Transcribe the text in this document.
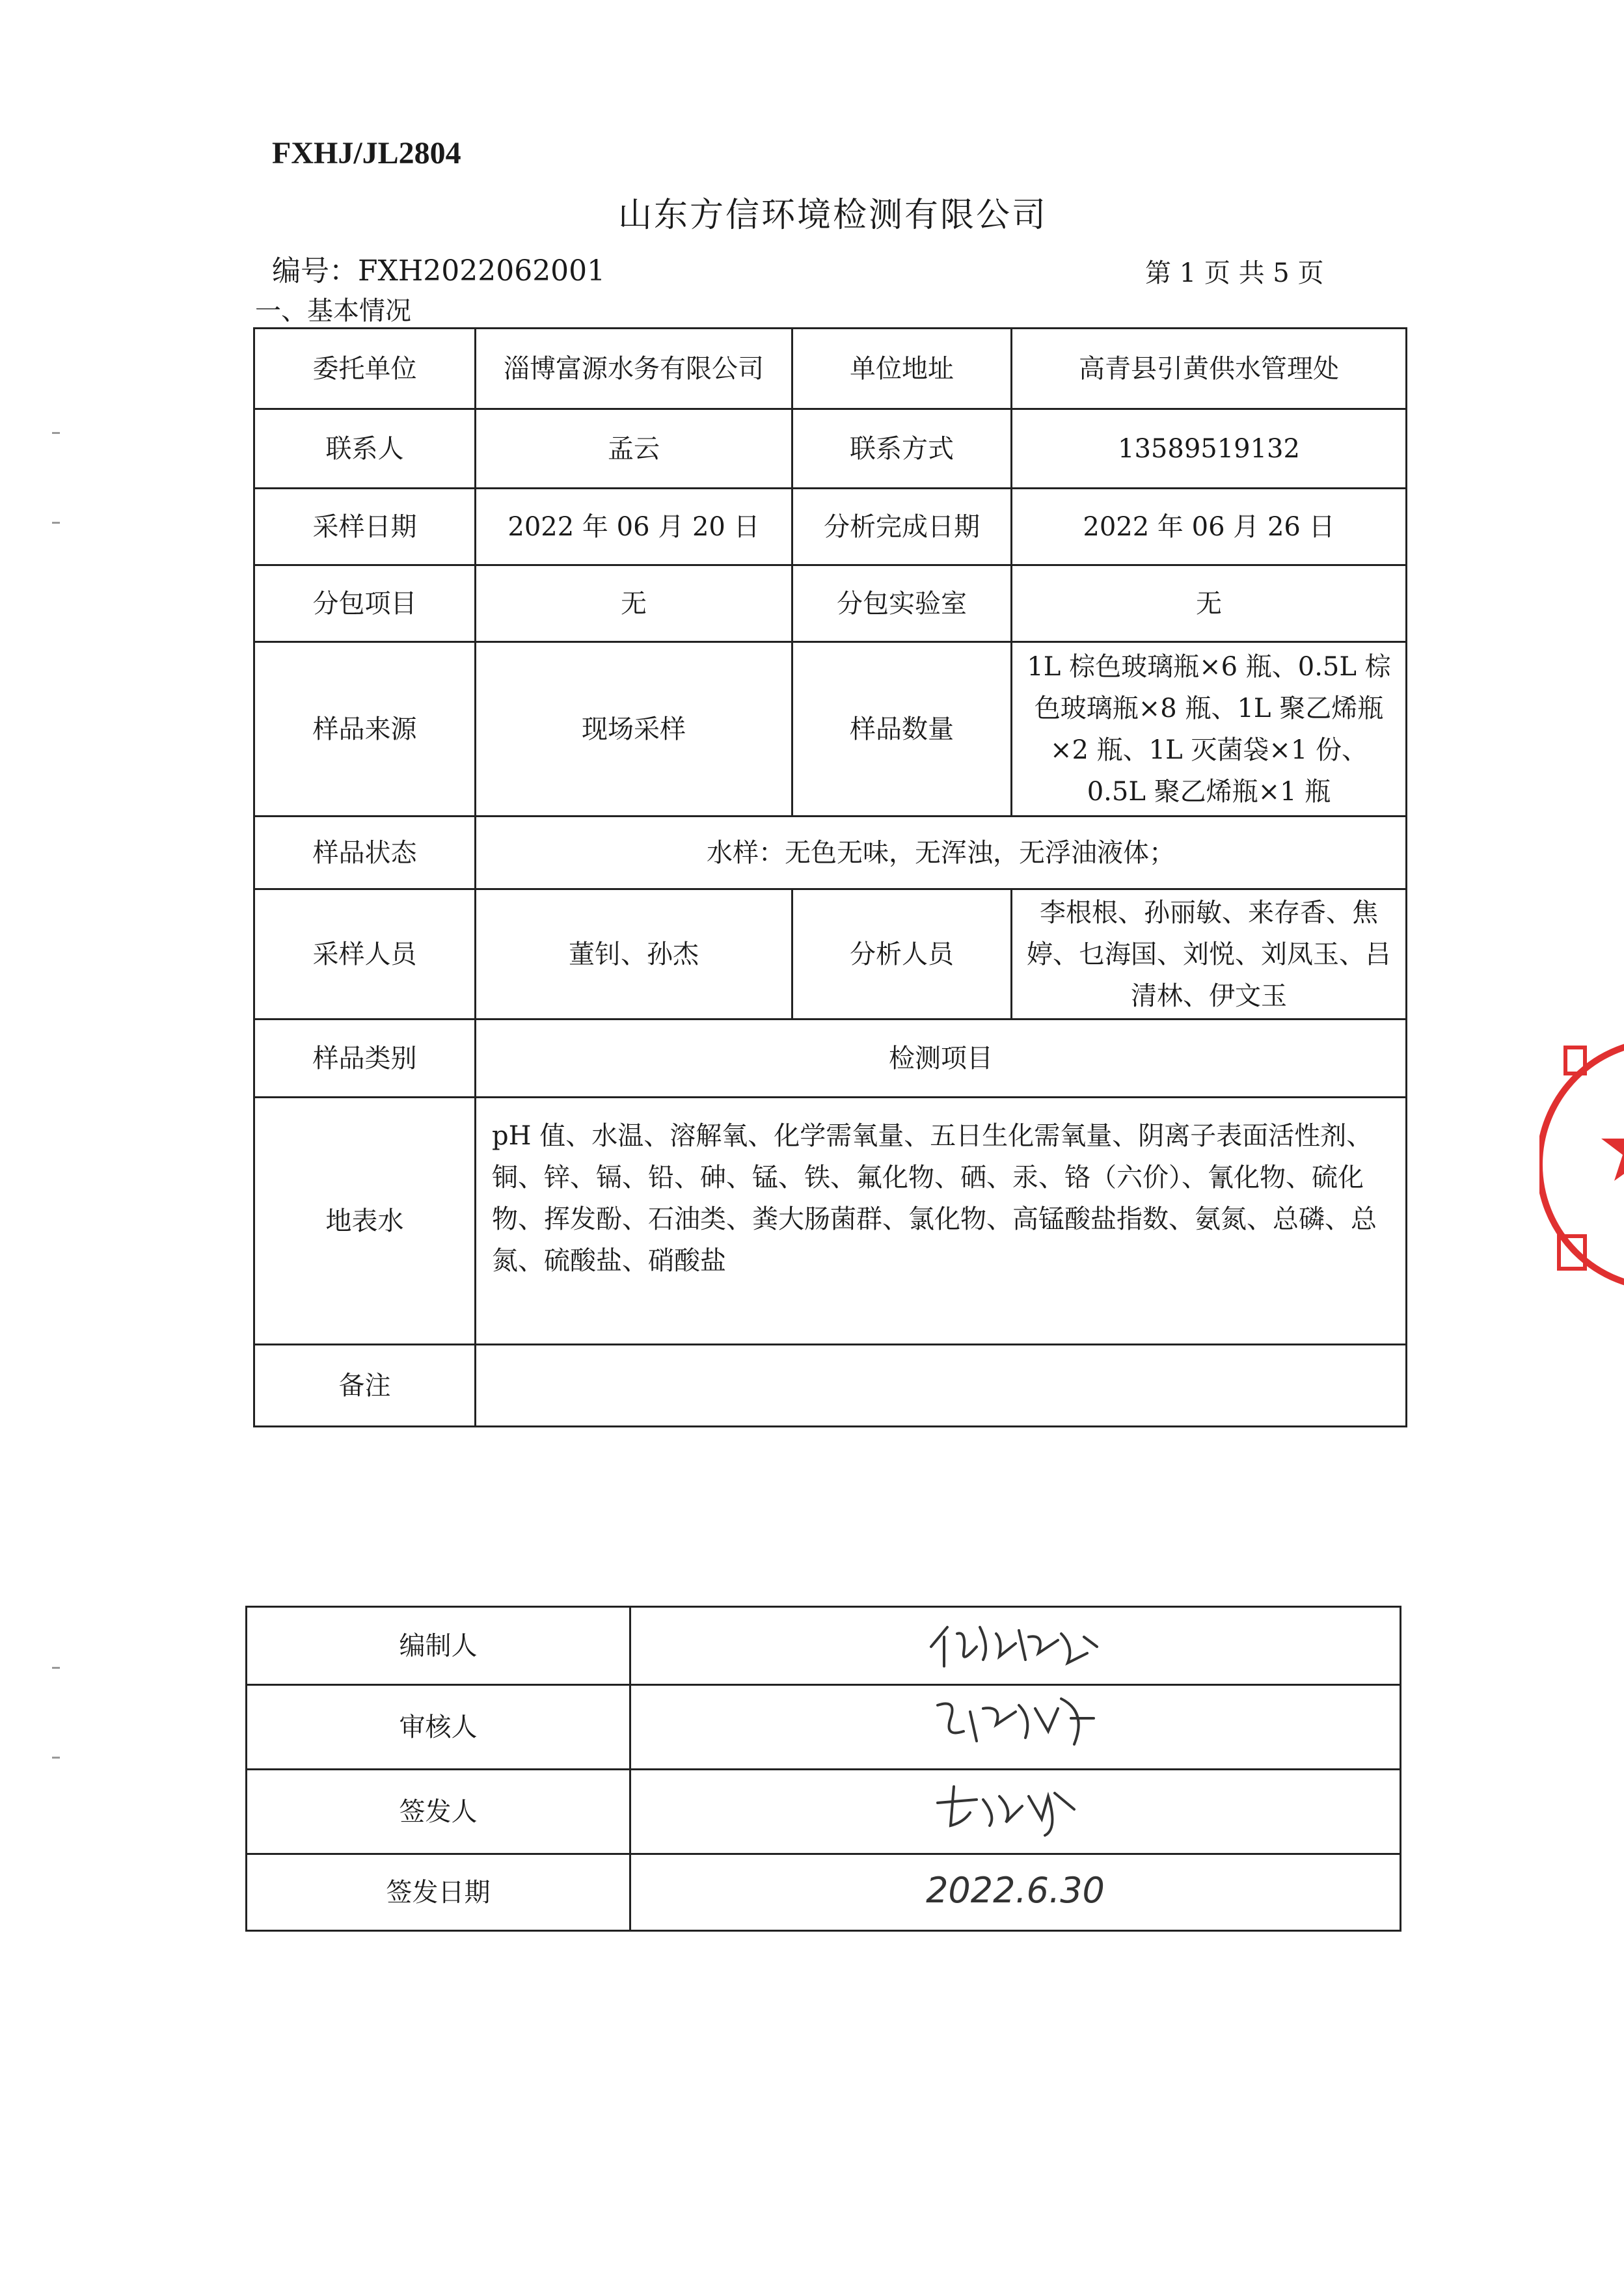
FXHJ/JL2804
山东方信环境检测有限公司
编号：FXH2022062001	第 1 页 共 5 页
一、基本情况
委托单位	淄博富源水务有限公司	单位地址	高青县引黄供水管理处
联系人	孟云	联系方式	13589519132
采样日期	2022 年 06 月 20 日	分析完成日期	2022 年 06 月 26 日
分包项目	无	分包实验室	无
样品来源	现场采样	样品数量	1L 棕色玻璃瓶×6 瓶、0.5L 棕色玻璃瓶×8 瓶、1L 聚乙烯瓶×2 瓶、1L 灭菌袋×1 份、0.5L 聚乙烯瓶×1 瓶
样品状态	水样：无色无味，无浑浊，无浮油液体；		
采样人员	董钊、孙杰	分析人员	李根根、孙丽敏、来存香、焦婷、乜海国、刘悦、刘凤玉、吕清林、伊文玉
样品类别	检测项目		
地表水	pH 值、水温、溶解氧、化学需氧量、五日生化需氧量、阴离子表面活性剂、铜、锌、镉、铅、砷、锰、铁、氟化物、硒、汞、铬（六价）、氰化物、硫化物、挥发酚、石油类、粪大肠菌群、氯化物、高锰酸盐指数、氨氮、总磷、总氮、硫酸盐、硝酸盐		
备注			
编制人	
审核人	
签发人	
签发日期	2022.6.30
